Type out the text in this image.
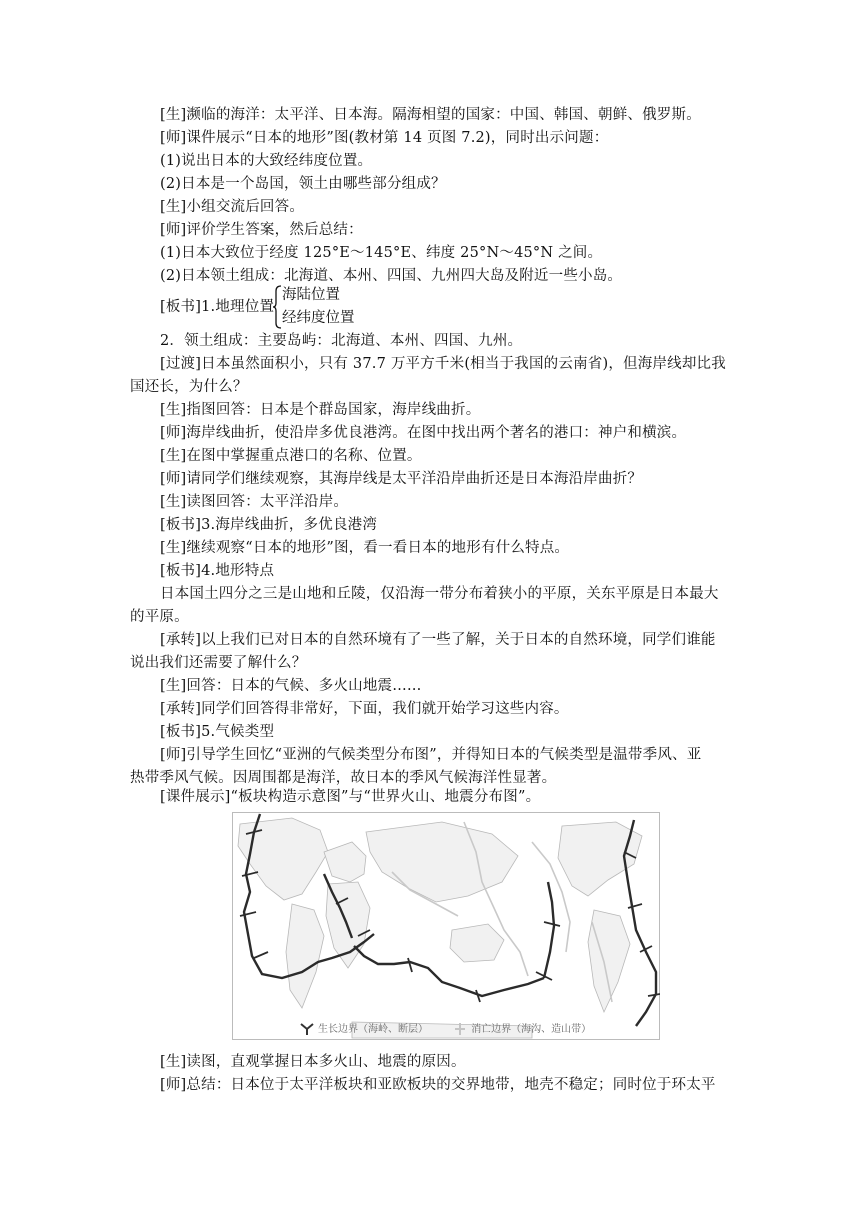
[生]濒临的海洋：太平洋、日本海。隔海相望的国家：中国、韩国、朝鲜、俄罗斯。
[师]课件展示“日本的地形”图(教材第 14 页图 7.2)，同时出示问题：
(1)说出日本的大致经纬度位置。
(2)日本是一个岛国，领土由哪些部分组成？
[生]小组交流后回答。
[师]评价学生答案，然后总结：
(1)日本大致位于经度 125°E～145°E、纬度 25°N～45°N 之间。
(2)日本领土组成：北海道、本州、四国、九州四大岛及附近一些小岛。
[板书]1.地理位置
海陆位置
经纬度位置
2．领土组成：主要岛屿：北海道、本州、四国、九州。
[过渡]日本虽然面积小，只有 37.7 万平方千米(相当于我国的云南省)，但海岸线却比我
国还长，为什么？
[生]指图回答：日本是个群岛国家，海岸线曲折。
[师]海岸线曲折，使沿岸多优良港湾。在图中找出两个著名的港口：神户和横滨。
[生]在图中掌握重点港口的名称、位置。
[师]请同学们继续观察，其海岸线是太平洋沿岸曲折还是日本海沿岸曲折？
[生]读图回答：太平洋沿岸。
[板书]3.海岸线曲折，多优良港湾
[生]继续观察“日本的地形”图，看一看日本的地形有什么特点。
[板书]4.地形特点
日本国土四分之三是山地和丘陵，仅沿海一带分布着狭小的平原，关东平原是日本最大
的平原。
[承转]以上我们已对日本的自然环境有了一些了解，关于日本的自然环境，同学们谁能
说出我们还需要了解什么？
[生]回答：日本的气候、多火山地震……
[承转]同学们回答得非常好，下面，我们就开始学习这些内容。
[板书]5.气候类型
[师]引导学生回忆“亚洲的气候类型分布图”，并得知日本的气候类型是温带季风、亚
热带季风气候。因周围都是海洋，故日本的季风气候海洋性显著。
[课件展示]“板块构造示意图”与“世界火山、地震分布图”。
生长边界（海岭、断层）	消亡边界（海沟、造山带）
[生]读图，直观掌握日本多火山、地震的原因。
[师]总结：日本位于太平洋板块和亚欧板块的交界地带，地壳不稳定；同时位于环太平
